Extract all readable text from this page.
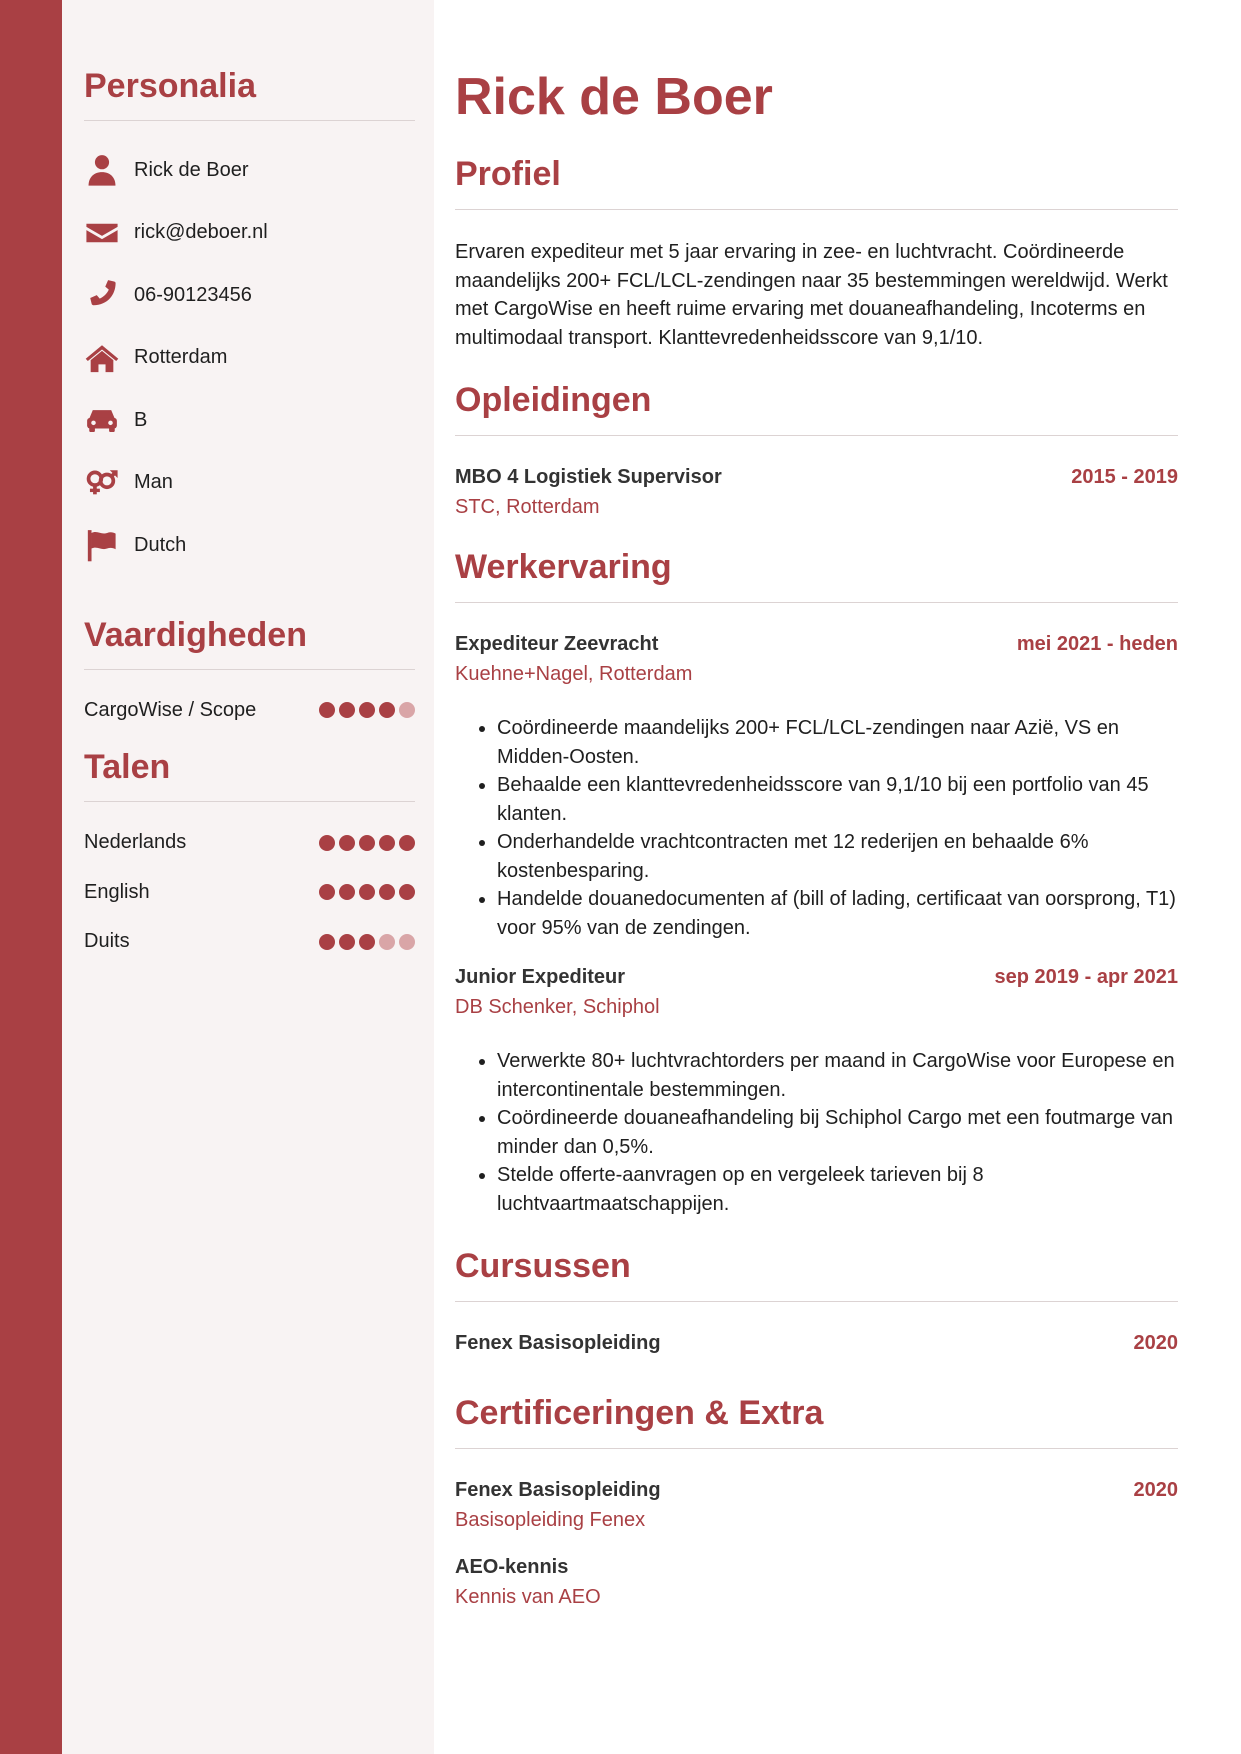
Personalia
Rick de Boer
rick@deboer.nl
06-90123456
Rotterdam
B
Man
Dutch
Vaardigheden
CargoWise / Scope
Talen
Nederlands
English
Duits
Rick de Boer
Profiel

Ervaren expediteur met 5 jaar ervaring in zee- en luchtvracht. Coördineerde maandelijks 200+ FCL/LCL-zendingen naar 35 bestemmingen wereldwijd. Werkt met CargoWise en heeft ruime ervaring met douaneafhandeling, Incoterms en multimodaal transport. Klanttevredenheidsscore van 9,1/10.

Opleidingen
MBO 4 Logistiek Supervisor	2015 - 2019
STC, Rotterdam
Werkervaring
Expediteur Zeevracht	mei 2021 - heden
Kuehne+Nagel, Rotterdam
• Coördineerde maandelijks 200+ FCL/LCL-zendingen naar Azië, VS en Midden-Oosten.
• Behaalde een klanttevredenheidsscore van 9,1/10 bij een portfolio van 45 klanten.
• Onderhandelde vrachtcontracten met 12 rederijen en behaalde 6% kostenbesparing.
• Handelde douanedocumenten af (bill of lading, certificaat van oorsprong, T1) voor 95% van de zendingen.
Junior Expediteur	sep 2019 - apr 2021
DB Schenker, Schiphol
• Verwerkte 80+ luchtvrachtorders per maand in CargoWise voor Europese en intercontinentale bestemmingen.
• Coördineerde douaneafhandeling bij Schiphol Cargo met een foutmarge van minder dan 0,5%.
• Stelde offerte-aanvragen op en vergeleek tarieven bij 8 luchtvaartmaatschappijen.
Cursussen
Fenex Basisopleiding	2020
Certificeringen & Extra
Fenex Basisopleiding	2020
Basisopleiding Fenex
AEO-kennis
Kennis van AEO
